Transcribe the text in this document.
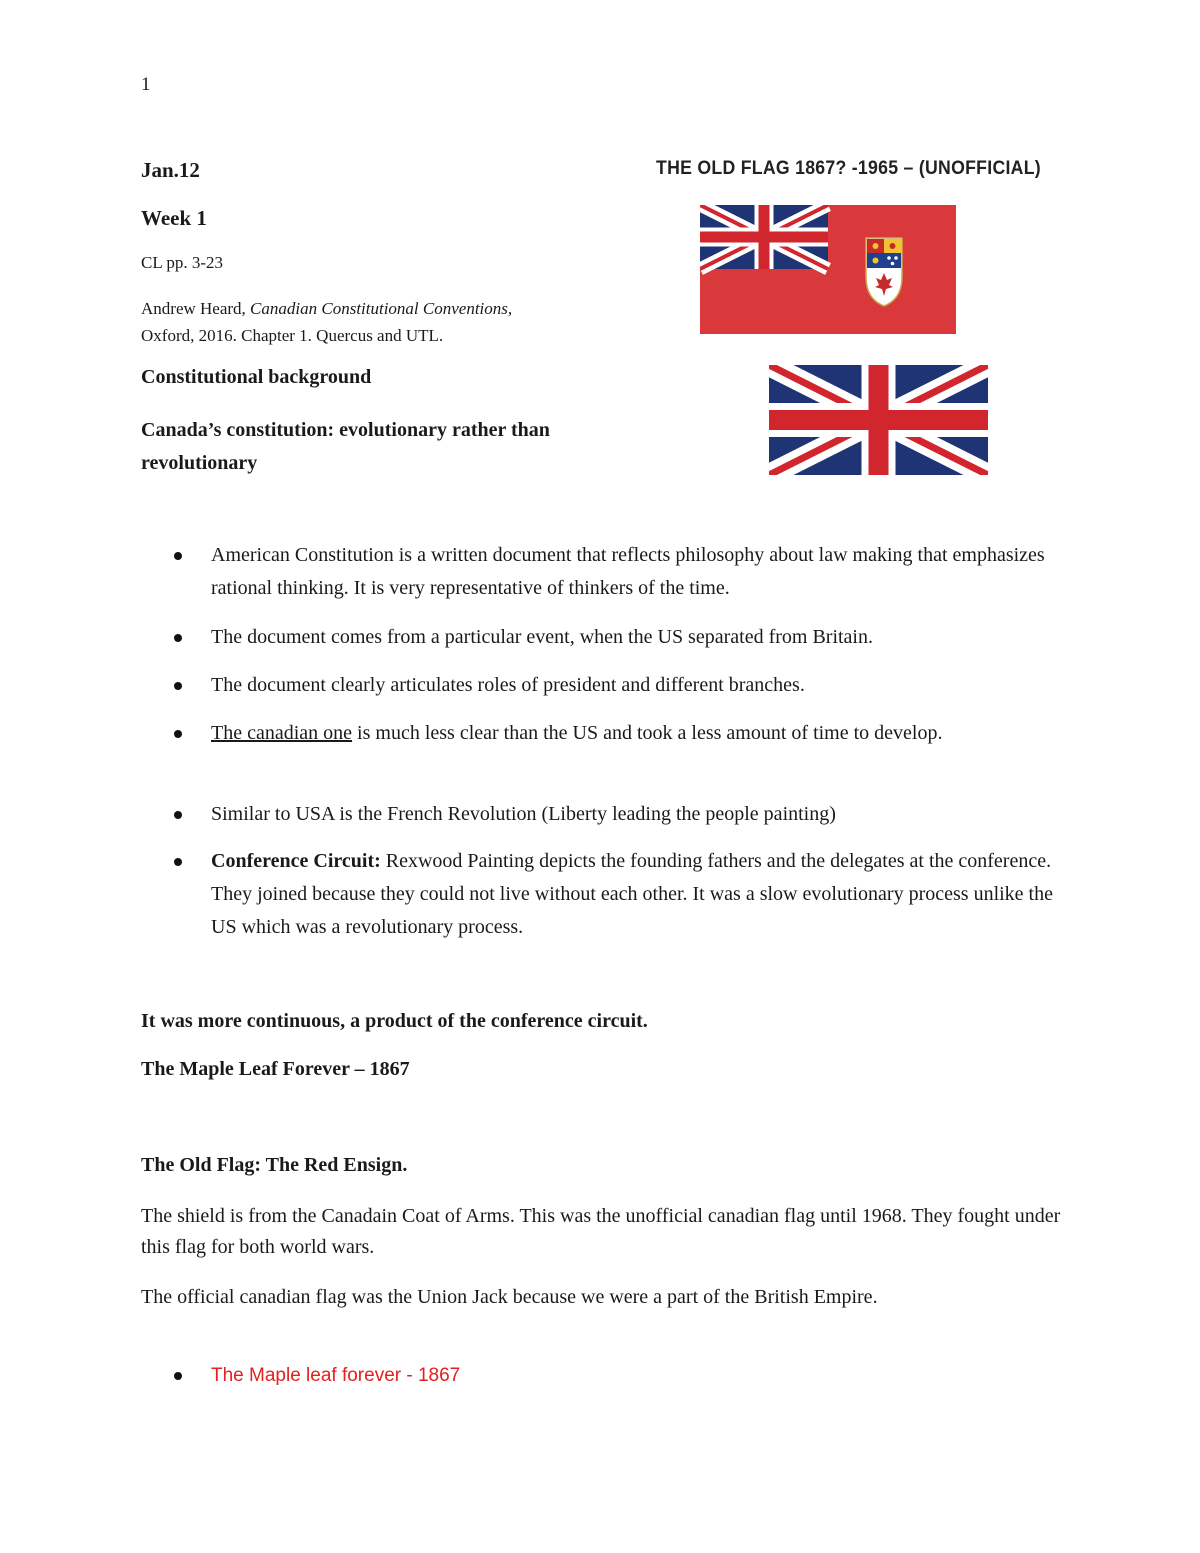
1
Jan.12
Week 1
CL pp. 3-23
Andrew Heard, Canadian Constitutional Conventions,
Oxford, 2016. Chapter 1. Quercus and UTL.
Constitutional background
Canada’s constitution: evolutionary rather than revolutionary
THE OLD FLAG 1867? -1965 – (UNOFFICIAL)
American Constitution is a written document that reflects philosophy about law making that emphasizes rational thinking. It is very representative of thinkers of the time.
The document comes from a particular event, when the US separated from Britain.
The document clearly articulates roles of president and different branches.
The canadian one is much less clear than the US and took a less amount of time to develop.
Similar to USA is the French Revolution (Liberty leading the people painting)
Conference Circuit: Rexwood Painting depicts the founding fathers and the delegates at the conference. They joined because they could not live without each other. It was a slow evolutionary process unlike the US which was a revolutionary process.
It was more continuous, a product of the conference circuit.
The Maple Leaf Forever – 1867
The Old Flag: The Red Ensign.
The shield is from the Canadain Coat of Arms. This was the unofficial canadian flag until 1968. They fought under this flag for both world wars.
The official canadian flag was the Union Jack because we were a part of the British Empire.
The Maple leaf forever - 1867
